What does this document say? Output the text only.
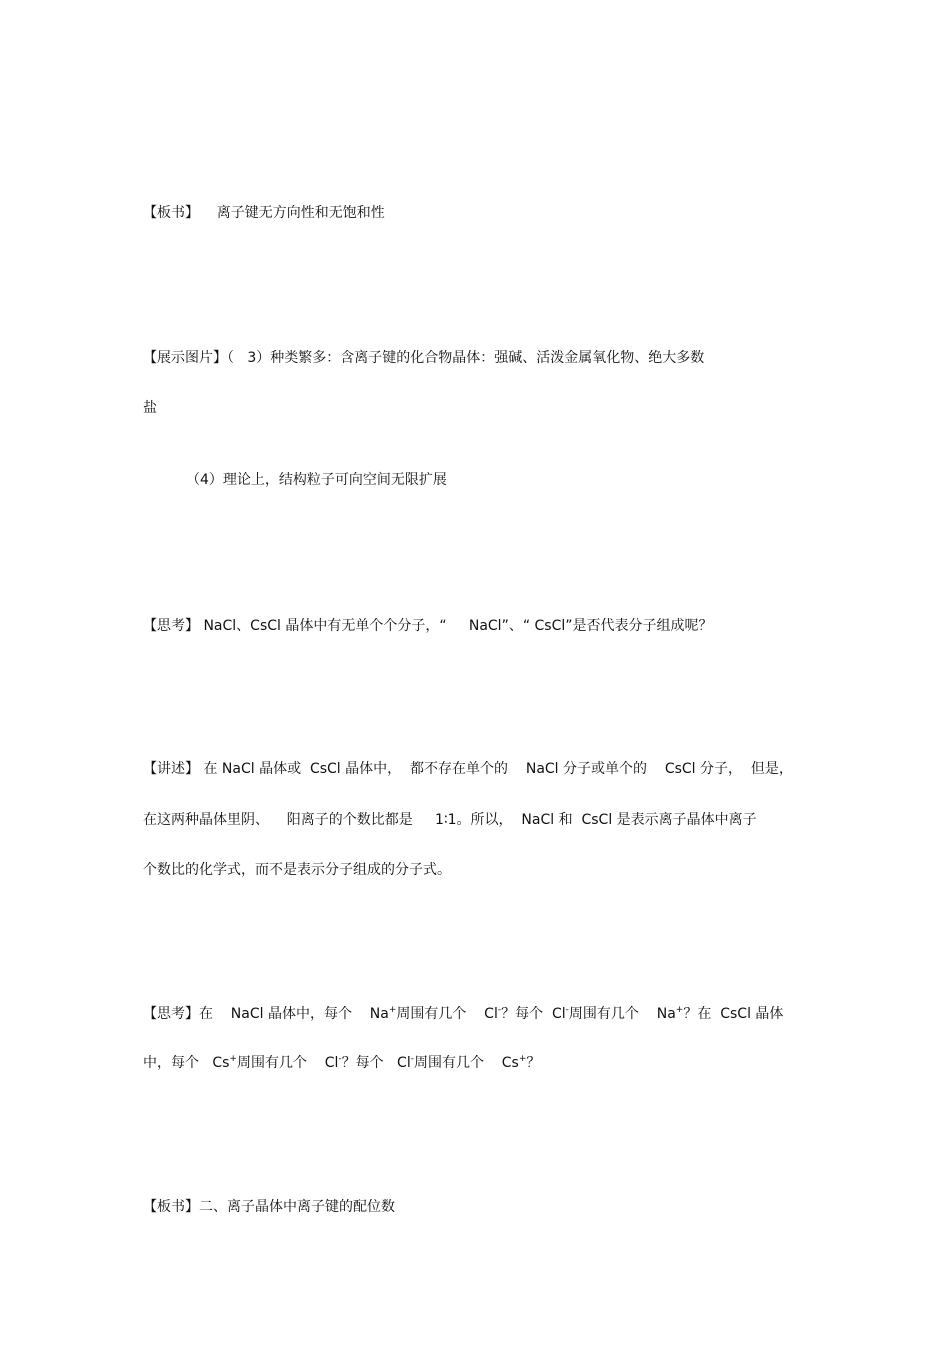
【板书】    离子键无方向性和无饱和性
【展示图片】（   3）种类繁多：含离子键的化合物晶体：强碱、活泼金属氧化物、绝大多数
盐
（4）理论上，结构粒子可向空间无限扩展
【思考】 NaCl、CsCl 晶体中有无单个个分子，“     NaCl”、“ CsCl”是否代表分子组成呢？
【讲述】 在 NaCl 晶体或  CsCl 晶体中，  都不存在单个的    NaCl 分子或单个的    CsCl 分子，  但是，
在这两种晶体里阴、    阳离子的个数比都是     1∶1。所以，  NaCl 和  CsCl 是表示离子晶体中离子
个数比的化学式，而不是表示分子组成的分子式。
【思考】在    NaCl 晶体中，每个    Na+周围有几个    Cl-？每个  Cl-周围有几个    Na+？在  CsCl 晶体
中，每个   Cs+周围有几个    Cl-？每个   Cl-周围有几个    Cs+？
【板书】二、离子晶体中离子键的配位数
